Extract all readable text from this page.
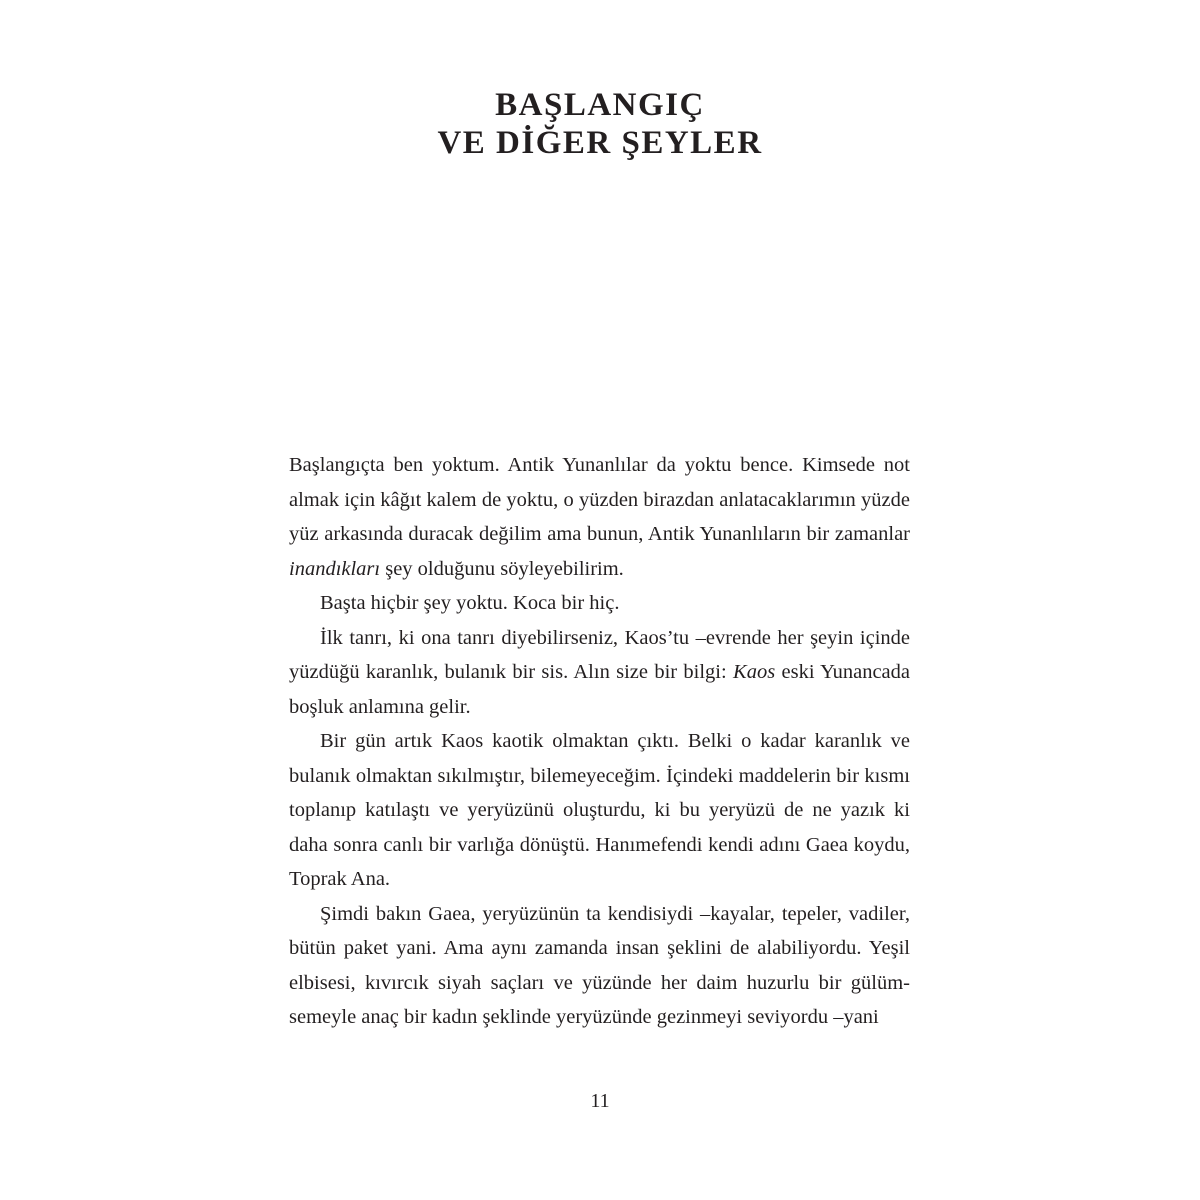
BAŞLANGIÇ
VE DİĞER ŞEYLER

Başlangıçta ben yoktum. Antik Yunanlılar da yoktu bence. Kimsede not almak için kâğıt kalem de yoktu, o yüzden birazdan anlatacaklarımın yüzde yüz arkasında duracak değilim ama bunun, Antik Yunanlıların bir zamanlar inandıkları şey olduğunu söyleyebilirim.

Başta hiçbir şey yoktu. Koca bir hiç.

İlk tanrı, ki ona tanrı diyebilirseniz, Kaos’tu –evrende her şeyin içinde yüzdüğü karanlık, bulanık bir sis. Alın size bir bilgi: Kaos eski Yunancada boşluk anlamına gelir.

Bir gün artık Kaos kaotik olmaktan çıktı. Belki o kadar karanlık ve bulanık olmaktan sıkılmıştır, bilemeyeceğim. İçindeki maddelerin bir kısmı toplanıp katılaştı ve yeryüzünü oluşturdu, ki bu yeryüzü de ne yazık ki daha sonra canlı bir varlığa dönüştü. Hanımefendi kendi adını Gaea koydu, Toprak Ana.

Şimdi bakın Gaea, yeryüzünün ta kendisiydi –kayalar, tepeler, vadiler, bütün paket yani. Ama aynı zamanda insan şeklini de alabiliyordu. Yeşil elbisesi, kıvırcık siyah saçları ve yüzünde her daim huzurlu bir gülümsemeyle anaç bir kadın şeklinde yeryüzünde gezinmeyi seviyordu –yani

11
